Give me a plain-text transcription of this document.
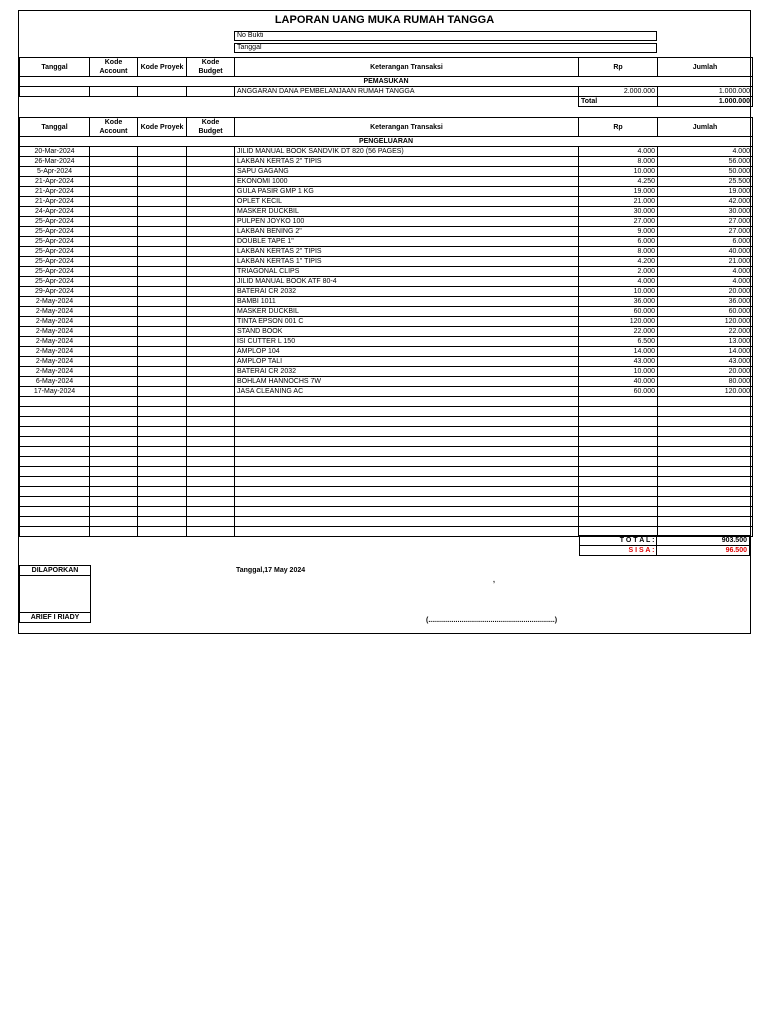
LAPORAN UANG MUKA RUMAH TANGGA
No Bukti
Tanggal
Tanggal	Kode Account	Kode Proyek	Kode Budget	Keterangan Transaksi	Rp	Jumlah
PEMASUKAN						
				ANGGARAN DANA PEMBELANJAAN RUMAH TANGGA	2.000.000	1.000.000
					Total	1.000.000
Tanggal	Kode Account	Kode Proyek	Kode Budget	Keterangan Transaksi	Rp	Jumlah
PENGELUARAN						
20-Mar-2024				JILID MANUAL BOOK SANDVIK DT 820 (56 PAGES)	4.000	4.000
26-Mar-2024				LAKBAN KERTAS 2" TIPIS	8.000	56.000
5-Apr-2024				SAPU GAGANG	10.000	50.000
21-Apr-2024				EKONOMI 1000	4.250	25.500
21-Apr-2024				GULA PASIR GMP 1 KG	19.000	19.000
21-Apr-2024				OPLET KECIL	21.000	42.000
24-Apr-2024				MASKER DUCKBIL	30.000	30.000
25-Apr-2024				PULPEN JOYKO 100	27.000	27.000
25-Apr-2024				LAKBAN BENING 2"	9.000	27.000
25-Apr-2024				DOUBLE TAPE 1"	6.000	6.000
25-Apr-2024				LAKBAN KERTAS 2" TIPIS	8.000	40.000
25-Apr-2024				LAKBAN KERTAS 1" TIPIS	4.200	21.000
25-Apr-2024				TRIAGONAL CLIPS	2.000	4.000
25-Apr-2024				JILID MANUAL BOOK ATF 80-4	4.000	4.000
29-Apr-2024				BATERAI CR 2032	10.000	20.000
2-May-2024				BAMBI 1011	36.000	36.000
2-May-2024				MASKER DUCKBIL	60.000	60.000
2-May-2024				TINTA EPSON 001 C	120.000	120.000
2-May-2024				STAND BOOK	22.000	22.000
2-May-2024				ISI CUTTER L 150	6.500	13.000
2-May-2024				AMPLOP 104	14.000	14.000
2-May-2024				AMPLOP TALI	43.000	43.000
2-May-2024				BATERAI CR 2032	10.000	20.000
6-May-2024				BOHLAM HANNOCHS 7W	40.000	80.000
17-May-2024				JASA CLEANING AC	60.000	120.000

T O T A L :	903.500
S I S A :	96.500
DILAPORKAN
ARIEF I RIADY
Tanggal,17 May 2024
,
(.................................................................)
